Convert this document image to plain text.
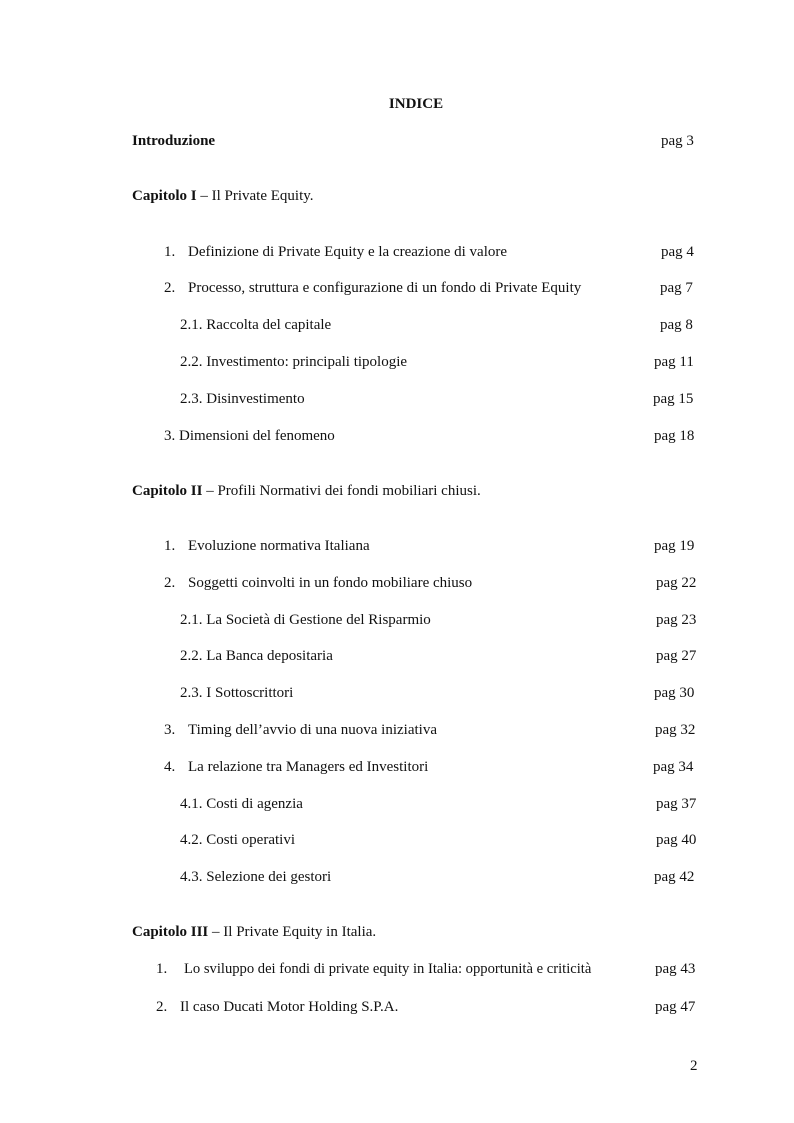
INDICE
Introduzione	pag 3
Capitolo I – Il Private Equity.
1. Definizione di Private Equity e la creazione di valore	pag 4
2. Processo, struttura e configurazione di un fondo di Private Equity	pag 7
2.1. Raccolta del capitale	pag 8
2.2. Investimento: principali tipologie	pag 11
2.3. Disinvestimento	pag 15
3. Dimensioni del fenomeno	pag 18
Capitolo II – Profili Normativi dei fondi mobiliari chiusi.
1. Evoluzione normativa Italiana	pag 19
2. Soggetti coinvolti in un fondo mobiliare chiuso	pag 22
2.1. La Società di Gestione del Risparmio	pag 23
2.2. La Banca depositaria	pag 27
2.3. I Sottoscrittori	pag 30
3. Timing dell’avvio di una nuova iniziativa	pag 32
4. La relazione tra Managers ed Investitori	pag 34
4.1. Costi di agenzia	pag 37
4.2. Costi operativi	pag 40
4.3. Selezione dei gestori	pag 42
Capitolo III – Il Private Equity in Italia.
1. Lo sviluppo dei fondi di private equity in Italia: opportunità e criticità	pag 43
2. Il caso Ducati Motor Holding S.P.A.	pag 47
2
